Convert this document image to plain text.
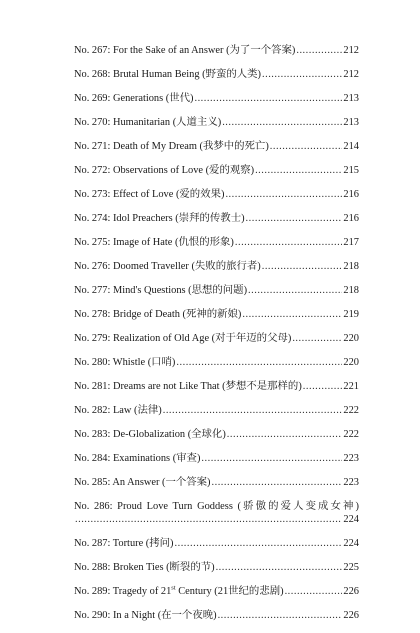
No. 267: For the Sake of an Answer (为了一个答案) .....	212
No. 268: Brutal Human Being (野蛮的人类) .....	212
No. 269: Generations (世代) .....	213
No. 270: Humanitarian (人道主义) .....	213
No. 271: Death of My Dream (我梦中的死亡) .....	214
No. 272: Observations of Love (爱的观察) .....	215
No. 273: Effect of Love (爱的效果) .....	216
No. 274: Idol Preachers (崇拜的传教士) .....	216
No. 275: Image of Hate (仇恨的形象) .....	217
No. 276: Doomed Traveller (失败的旅行者) .....	218
No. 277: Mind's Questions (思想的问题) .....	218
No. 278: Bridge of Death (死神的新娘) .....	219
No. 279: Realization of Old Age (对于年迈的父母) .....	220
No. 280: Whistle (口哨) .....	220
No. 281: Dreams are not Like That (梦想不是那样的) .....	221
No. 282: Law (法律) .....	222
No. 283: De-Globalization (全球化) .....	222
No. 284: Examinations (审查) .....	223
No. 285: An Answer (一个答案) .....	223
No. 286: Proud Love Turn Goddess (骄傲的爱人变成女神)
.....
224
No. 287: Torture (拷问) .....	224
No. 288: Broken Ties (断裂的节) .....	225
No. 289: Tragedy of 21st Century (21世纪的悲剧) .....	226
No. 290: In a Night (在一个夜晚) .....	226
